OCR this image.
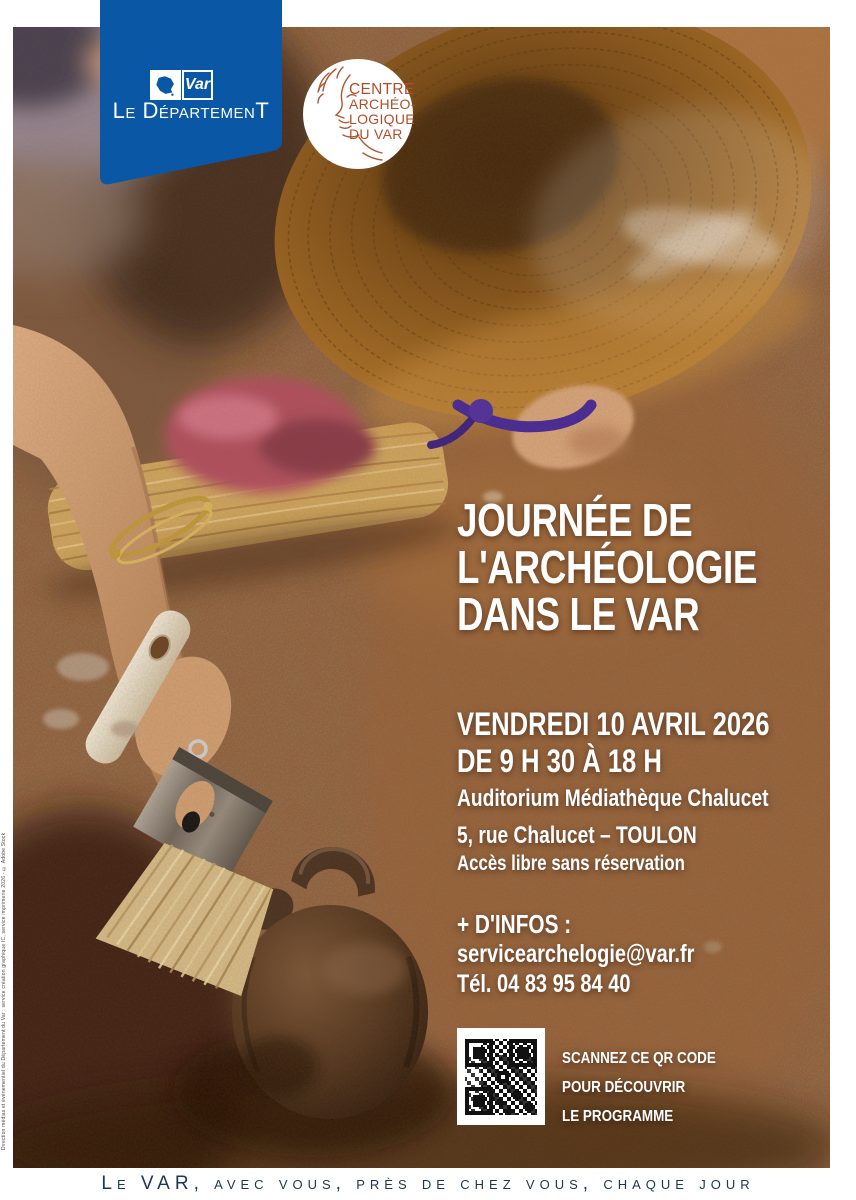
Var
Le DépartemenT
CENTRE
ARCHÉO-
LOGIQUE
DU VAR
JOURNÉE DE
L'ARCHÉOLOGIE
DANS LE VAR
VENDREDI 10 AVRIL 2026
DE 9 H 30 À 18 H
Auditorium Médiathèque Chalucet
5, rue Chalucet – TOULON
Accès libre sans réservation
+ D'INFOS :
servicearchelogie@var.fr
Tél. 04 83 95 84 40
SCANNEZ CE QR CODE
POUR DÉCOUVRIR
LE PROGRAMME
Direction médias et événementiel du Département du Var : service création graphique IC, service imprimerie 2026 - © Adobe Stock
Le VAR, avec vous, près de chez vous, chaque jour
